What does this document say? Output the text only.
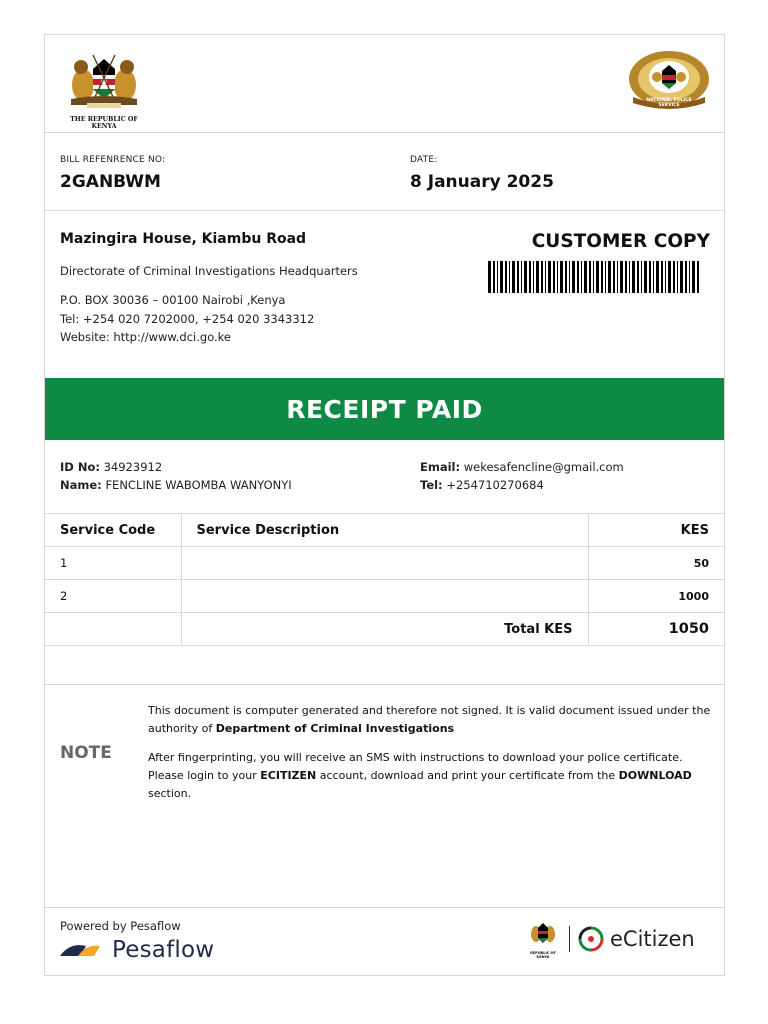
THE REPUBLIC OF KENYA
NATIONAL POLICE SERVICE
BILL REFENRENCE NO:
2GANBWM
DATE:
8 January 2025
Mazingira House, Kiambu Road
Directorate of Criminal Investigations Headquarters
P.O. BOX 30036 – 00100 Nairobi ,Kenya
Tel: +254 020 7202000, +254 020 3343312
Website: http://www.dci.go.ke
CUSTOMER COPY
RECEIPT PAID
ID No: 34923912
Name: FENCLINE WABOMBA WANYONYI
Email: wekesafencline@gmail.com
Tel: +254710270684
Service Code	Service Description	KES
1		50
2		1000
	Total KES	1050

NOTE
This document is computer generated and therefore not signed. It is valid document issued under the authority of Department of Criminal Investigations
After fingerprinting, you will receive an SMS with instructions to download your police certificate. Please login to your ECITIZEN account, download and print your certificate from the DOWNLOAD section.
Powered by Pesaflow
Pesaflow	REPUBLIC OF KENYA
eCitizen
